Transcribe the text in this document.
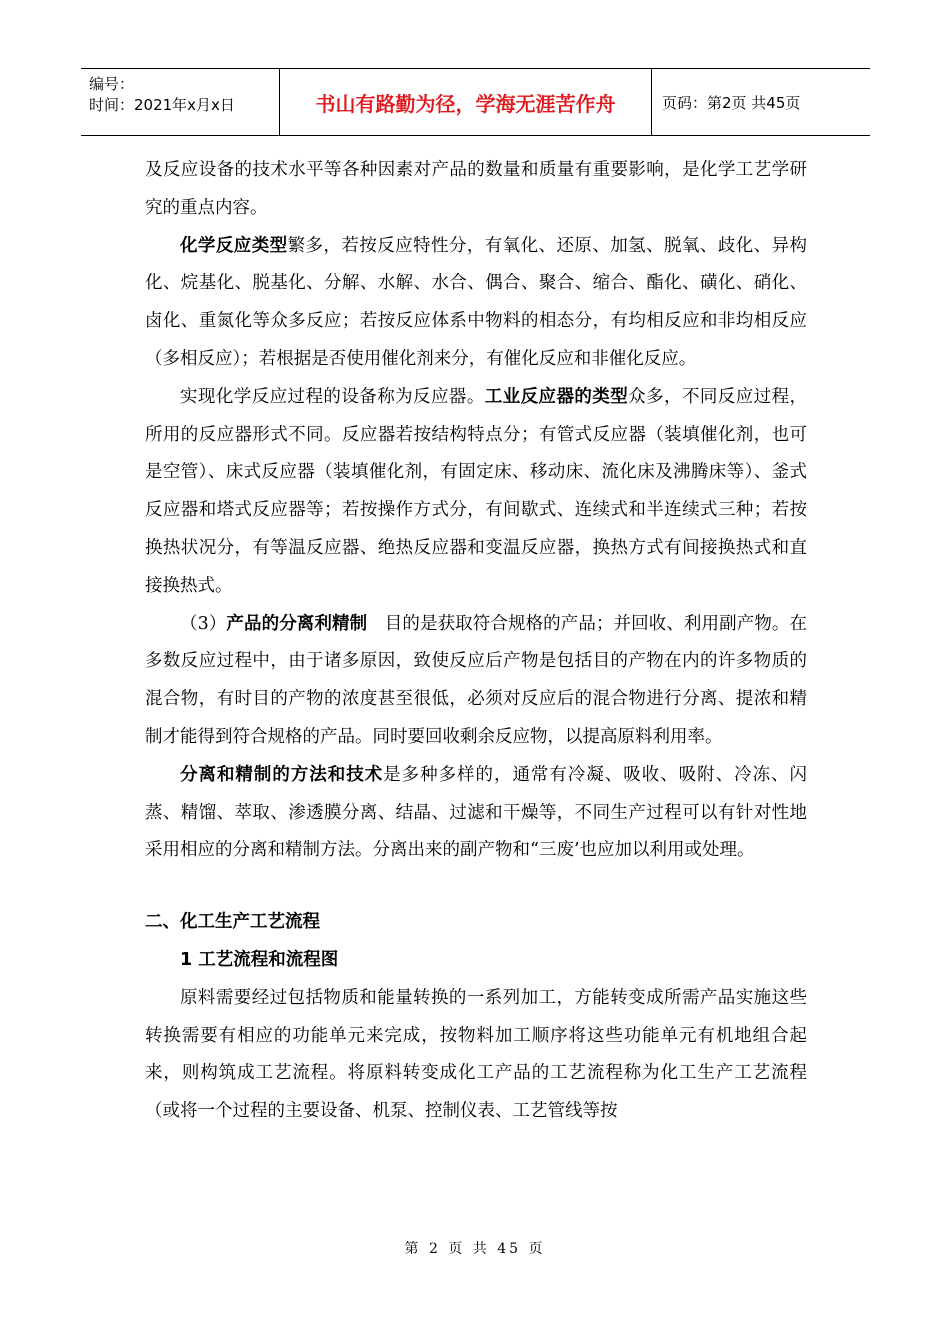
编号：
时间：2021年x月x日	书山有路勤为径，学海无涯苦作舟	页码：第2页 共45页

及反应设备的技术水平等各种因素对产品的数量和质量有重要影响，是化学工艺学研究的重点内容。

化学反应类型繁多，若按反应特性分，有氧化、还原、加氢、脱氧、歧化、异构化、烷基化、脱基化、分解、水解、水合、偶合、聚合、缩合、酯化、磺化、硝化、卤化、重氮化等众多反应；若按反应体系中物料的相态分，有均相反应和非均相反应（多相反应）；若根据是否使用催化剂来分，有催化反应和非催化反应。

实现化学反应过程的设备称为反应器。工业反应器的类型众多，不同反应过程，所用的反应器形式不同。反应器若按结构特点分；有管式反应器（装填催化剂，也可是空管）、床式反应器（装填催化剂，有固定床、移动床、流化床及沸腾床等）、釜式反应器和塔式反应器等；若按操作方式分，有间歇式、连续式和半连续式三种；若按换热状况分，有等温反应器、绝热反应器和变温反应器，换热方式有间接换热式和直接换热式。

（3）产品的分离利精制　目的是获取符合规格的产品；并回收、利用副产物。在多数反应过程中，由于诸多原因，致使反应后产物是包括目的产物在内的许多物质的混合物，有时目的产物的浓度甚至很低，必须对反应后的混合物进行分离、提浓和精制才能得到符合规格的产品。同时要回收剩余反应物，以提高原料利用率。

分离和精制的方法和技术是多种多样的，通常有冷凝、吸收、吸附、冷冻、闪蒸、精馏、萃取、渗透膜分离、结晶、过滤和干燥等，不同生产过程可以有针对性地采用相应的分离和精制方法。分离出来的副产物和“三废’也应加以利用或处理。

二、化工生产工艺流程
1 工艺流程和流程图

原料需要经过包括物质和能量转换的一系列加工，方能转变成所需产品实施这些转换需要有相应的功能单元来完成，按物料加工顺序将这些功能单元有机地组合起来，则构筑成工艺流程。将原料转变成化工产品的工艺流程称为化工生产工艺流程（或将一个过程的主要设备、机泵、控制仪表、工艺管线等按

第 2 页 共 45 页
